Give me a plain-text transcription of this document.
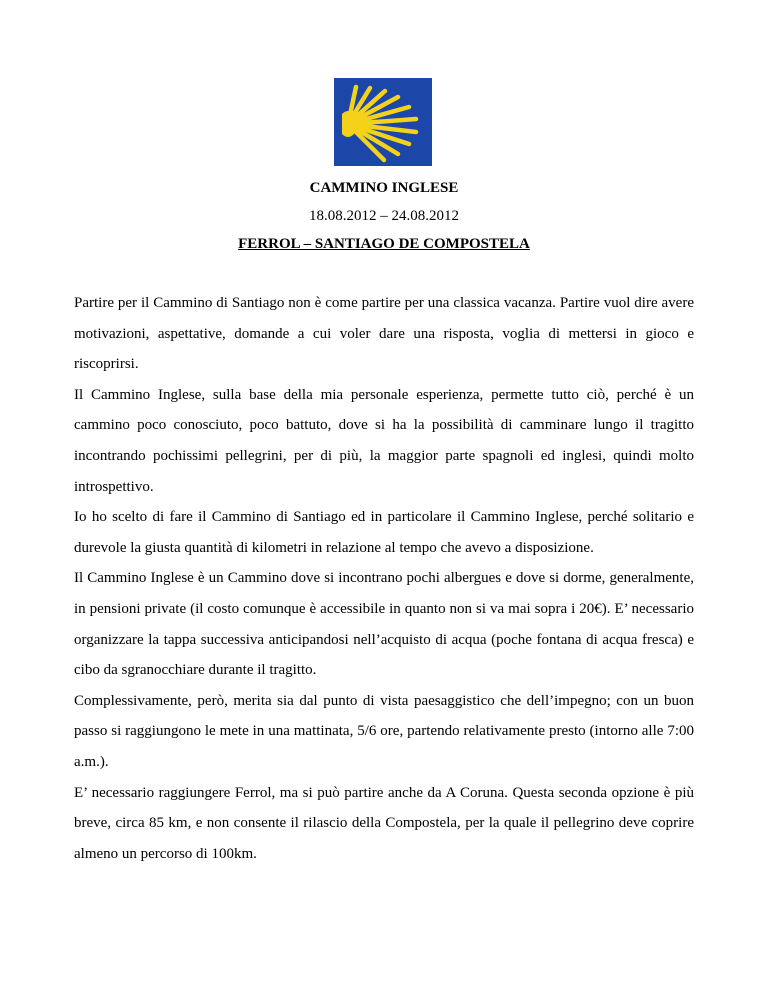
CAMMINO INGLESE

18.08.2012 – 24.08.2012

FERROL – SANTIAGO DE COMPOSTELA

Partire per il Cammino di Santiago non è come partire per una classica vacanza. Partire vuol dire avere motivazioni, aspettative, domande a cui voler dare una risposta, voglia di mettersi in gioco e riscoprirsi.

Il Cammino Inglese, sulla base della mia personale esperienza, permette tutto ciò, perché è un cammino poco conosciuto, poco battuto, dove si ha la possibilità di camminare lungo il tragitto incontrando pochissimi pellegrini, per di più, la maggior parte spagnoli ed inglesi, quindi molto introspettivo.

Io ho scelto di fare il Cammino di Santiago ed in particolare il Cammino Inglese, perché solitario e durevole la giusta quantità di kilometri in relazione al tempo che avevo a disposizione.

Il Cammino Inglese è un Cammino dove si incontrano pochi albergues e dove si dorme, generalmente, in pensioni private (il costo comunque è accessibile in quanto non si va mai sopra i 20€). E’ necessario organizzare la tappa successiva anticipandosi nell’acquisto di acqua (poche fontana di acqua fresca) e cibo da sgranocchiare durante il tragitto.

Complessivamente, però, merita sia dal punto di vista paesaggistico che dell’impegno; con un buon passo si raggiungono le mete in una mattinata, 5/6 ore, partendo relativamente presto (intorno alle 7:00 a.m.).

E’ necessario raggiungere Ferrol, ma si può partire anche da A Coruna. Questa seconda opzione è più breve, circa 85 km, e non consente il rilascio della Compostela, per la quale il pellegrino deve coprire almeno un percorso di 100km.
